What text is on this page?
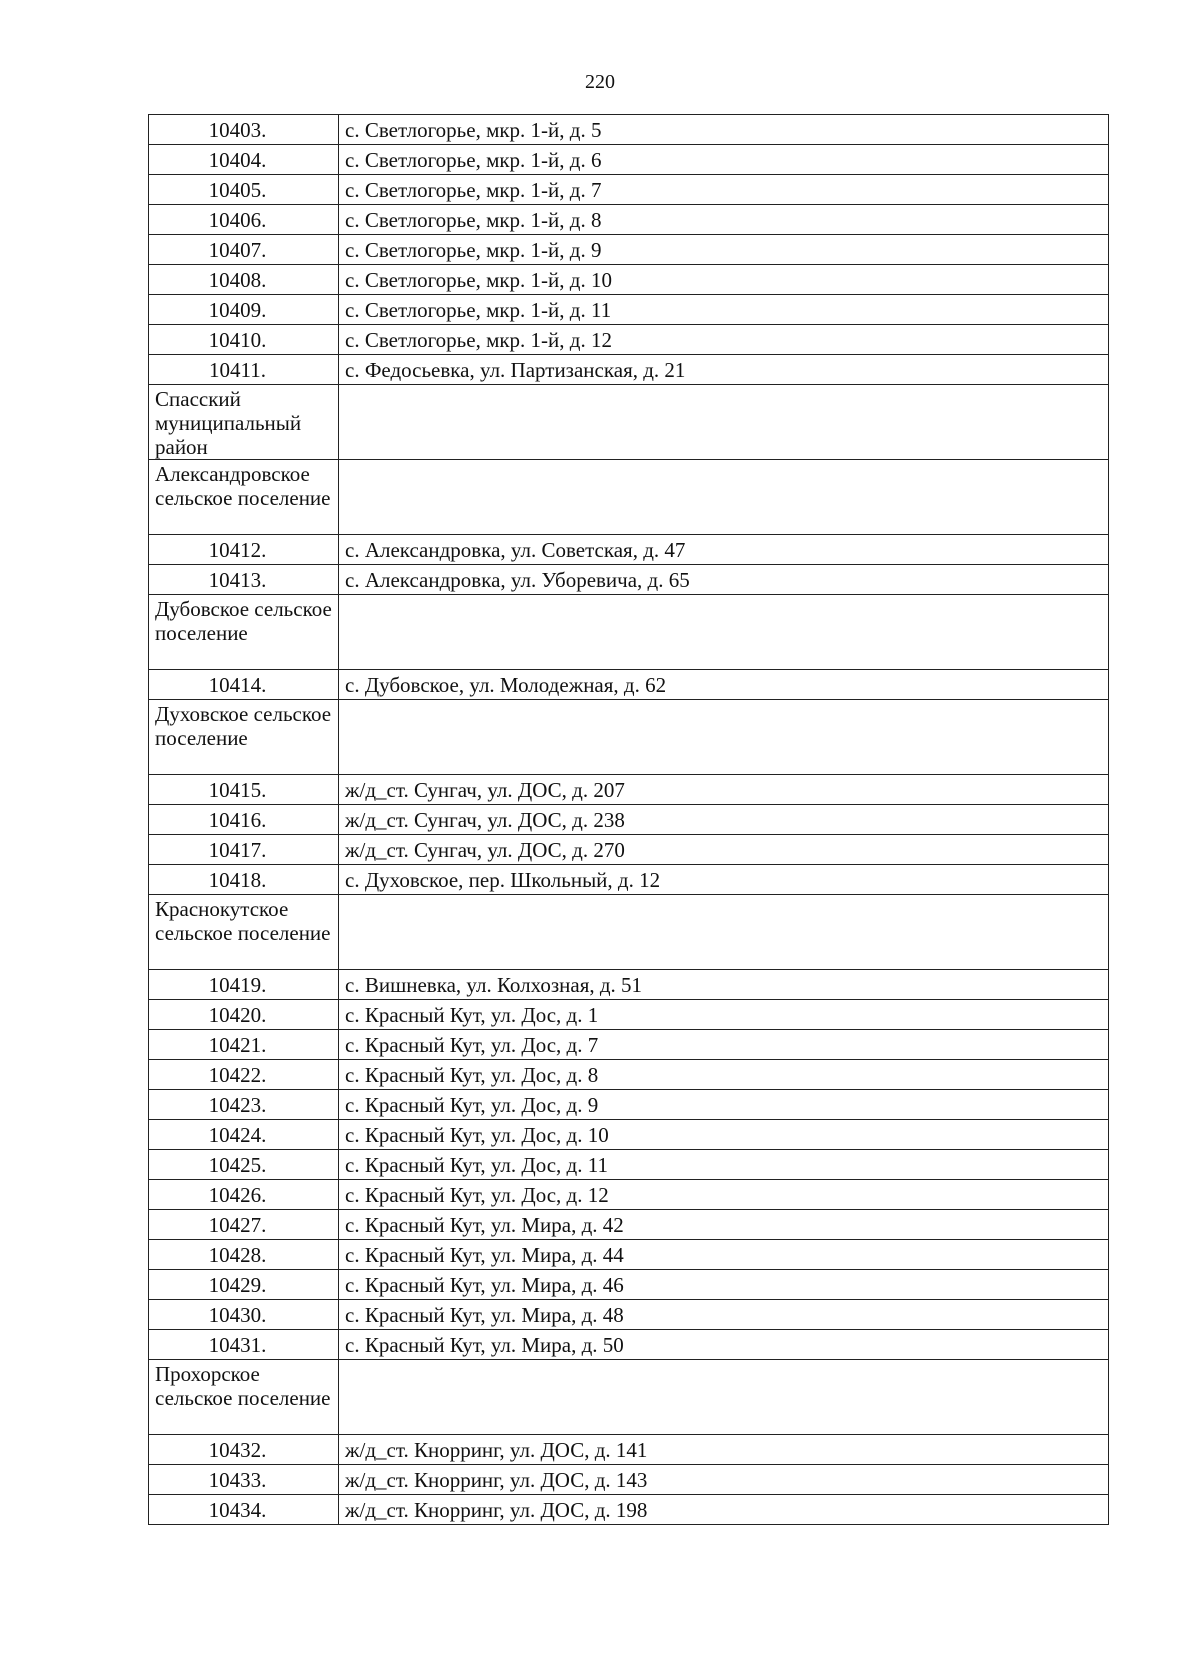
220
10403.	с. Светлогорье, мкр. 1-й, д. 5
10404.	с. Светлогорье, мкр. 1-й, д. 6
10405.	с. Светлогорье, мкр. 1-й, д. 7
10406.	с. Светлогорье, мкр. 1-й, д. 8
10407.	с. Светлогорье, мкр. 1-й, д. 9
10408.	с. Светлогорье, мкр. 1-й, д. 10
10409.	с. Светлогорье, мкр. 1-й, д. 11
10410.	с. Светлогорье, мкр. 1-й, д. 12
10411.	с. Федосьевка, ул. Партизанская, д. 21
Спасский муниципальный район	
Александровское сельское поселение	
10412.	с. Александровка, ул. Советская, д. 47
10413.	с. Александровка, ул. Уборевича, д. 65
Дубовское сельское поселение	
10414.	с. Дубовское, ул. Молодежная, д. 62
Духовское сельское поселение	
10415.	ж/д_ст. Сунгач, ул. ДОС, д. 207
10416.	ж/д_ст. Сунгач, ул. ДОС, д. 238
10417.	ж/д_ст. Сунгач, ул. ДОС, д. 270
10418.	с. Духовское, пер. Школьный, д. 12
Краснокутское сельское поселение	
10419.	с. Вишневка, ул. Колхозная, д. 51
10420.	с. Красный Кут, ул. Дос, д. 1
10421.	с. Красный Кут, ул. Дос, д. 7
10422.	с. Красный Кут, ул. Дос, д. 8
10423.	с. Красный Кут, ул. Дос, д. 9
10424.	с. Красный Кут, ул. Дос, д. 10
10425.	с. Красный Кут, ул. Дос, д. 11
10426.	с. Красный Кут, ул. Дос, д. 12
10427.	с. Красный Кут, ул. Мира, д. 42
10428.	с. Красный Кут, ул. Мира, д. 44
10429.	с. Красный Кут, ул. Мира, д. 46
10430.	с. Красный Кут, ул. Мира, д. 48
10431.	с. Красный Кут, ул. Мира, д. 50
Прохорское сельское поселение	
10432.	ж/д_ст. Кнорринг, ул. ДОС, д. 141
10433.	ж/д_ст. Кнорринг, ул. ДОС, д. 143
10434.	ж/д_ст. Кнорринг, ул. ДОС, д. 198
